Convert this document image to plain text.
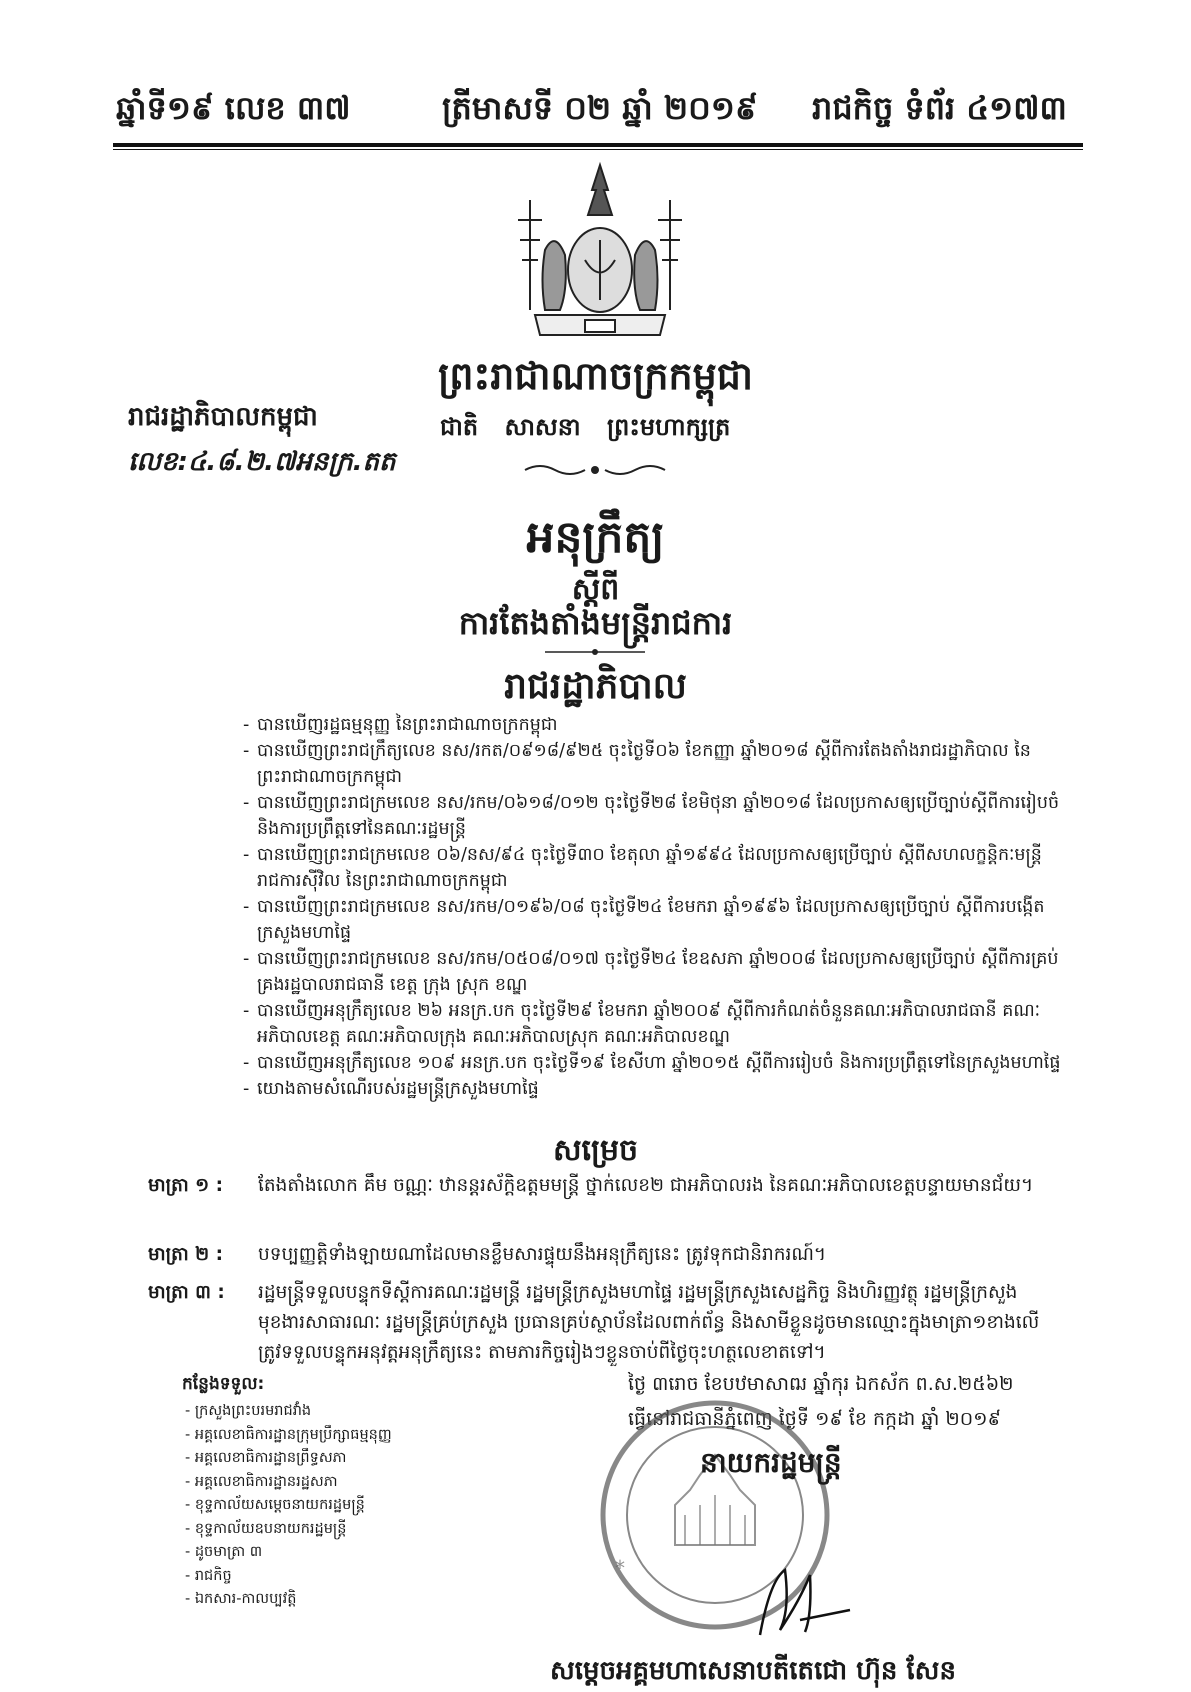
ឆ្នាំទី១៩ លេខ ៣៧	ត្រីមាសទី ០២ ឆ្នាំ ២០១៩ រាជកិច្ច ទំព័រ ៤១៧៣
ព្រះរាជាណាចក្រកម្ពុជា
រាជរដ្ឋាភិបាលកម្ពុជា	ជាតិ សាសនា ព្រះមហាក្សត្រ
លេខ:៤.៨.២.៧អនក្រ.តត
អនុក្រឹត្យ
ស្តីពី
ការតែងតាំងមន្ត្រីរាជការ
រាជរដ្ឋាភិបាល
- បានឃើញរដ្ឋធម្មនុញ្ញ នៃព្រះរាជាណាចក្រកម្ពុជា
- បានឃើញព្រះរាជក្រឹត្យលេខ នស/រកត/០៩១៨/៩២៥ ចុះថ្ងៃទី០៦ ខែកញ្ញា ឆ្នាំ២០១៨ ស្តីពីការតែងតាំងរាជរដ្ឋាភិបាល នៃព្រះរាជាណាចក្រកម្ពុជា
- បានឃើញព្រះរាជក្រមលេខ នស/រកម/០៦១៨/០១២ ចុះថ្ងៃទី២៨ ខែមិថុនា ឆ្នាំ២០១៨ ដែលប្រកាសឲ្យប្រើច្បាប់ស្តីពីការរៀបចំ និងការប្រព្រឹត្តទៅនៃគណៈរដ្ឋមន្ត្រី
- បានឃើញព្រះរាជក្រមលេខ ០៦/នស/៩៤ ចុះថ្ងៃទី៣០ ខែតុលា ឆ្នាំ១៩៩៤ ដែលប្រកាសឲ្យប្រើច្បាប់ ស្តីពីសហលក្ខន្តិកៈមន្ត្រីរាជការស៊ីវិល នៃព្រះរាជាណាចក្រកម្ពុជា
- បានឃើញព្រះរាជក្រមលេខ នស/រកម/០១៩៦/០៨ ចុះថ្ងៃទី២៤ ខែមករា ឆ្នាំ១៩៩៦ ដែលប្រកាសឲ្យប្រើច្បាប់ ស្តីពីការបង្កើតក្រសួងមហាផ្ទៃ
- បានឃើញព្រះរាជក្រមលេខ នស/រកម/០៥០៨/០១៧ ចុះថ្ងៃទី២៤ ខែឧសភា ឆ្នាំ២០០៨ ដែលប្រកាសឲ្យប្រើច្បាប់ ស្តីពីការគ្រប់គ្រងរដ្ឋបាលរាជធានី ខេត្ត ក្រុង ស្រុក ខណ្ឌ
- បានឃើញអនុក្រឹត្យលេខ ២៦ អនក្រ.បក ចុះថ្ងៃទី២៩ ខែមករា ឆ្នាំ២០០៩ ស្តីពីការកំណត់ចំនួនគណៈអភិបាលរាជធានី គណៈអភិបាលខេត្ត គណៈអភិបាលក្រុង គណៈអភិបាលស្រុក គណៈអភិបាលខណ្ឌ
- បានឃើញអនុក្រឹត្យលេខ ១០៩ អនក្រ.បក ចុះថ្ងៃទី១៩ ខែសីហា ឆ្នាំ២០១៥ ស្តីពីការរៀបចំ និងការប្រព្រឹត្តទៅនៃក្រសួងមហាផ្ទៃ
- យោងតាមសំណើរបស់រដ្ឋមន្ត្រីក្រសួងមហាផ្ទៃ
សម្រេច
មាត្រា ១ : តែងតាំងលោក គឹម ចណ្ណៈ ឋានន្តរស័ក្តិឧត្តមមន្ត្រី ថ្នាក់លេខ២ ជាអភិបាលរង នៃគណៈអភិបាលខេត្តបន្ទាយមានជ័យ។
មាត្រា ២ : បទប្បញ្ញត្តិទាំងឡាយណាដែលមានខ្លឹមសារផ្ទុយនឹងអនុក្រឹត្យនេះ ត្រូវទុកជានិរាករណ៍។
មាត្រា ៣ : រដ្ឋមន្ត្រីទទួលបន្ទុកទីស្តីការគណៈរដ្ឋមន្ត្រី រដ្ឋមន្ត្រីក្រសួងមហាផ្ទៃ រដ្ឋមន្ត្រីក្រសួងសេដ្ឋកិច្ច និងហិរញ្ញវត្ថុ រដ្ឋមន្ត្រីក្រសួងមុខងារសាធារណៈ រដ្ឋមន្ត្រីគ្រប់ក្រសួង ប្រធានគ្រប់ស្ថាប័នដែលពាក់ព័ន្ធ និងសាមីខ្លួនដូចមានឈ្មោះក្នុងមាត្រា១ខាងលើ ត្រូវទទួលបន្ទុកអនុវត្តអនុក្រឹត្យនេះ តាមភារកិច្ចរៀងៗខ្លួនចាប់ពីថ្ងៃចុះហត្ថលេខាតទៅ។
ថ្ងៃ ៣រោច ខែបឋមាសាឍ ឆ្នាំកុរ ឯកស័ក ព.ស.២៥៦២
ធ្វើនៅរាជធានីភ្នំពេញ ថ្ងៃទី ១៩ ខែ កក្កដា ឆ្នាំ ២០១៩
កន្លែងទទួល:
- ក្រសួងព្រះបរមរាជវាំង
- អគ្គលេខាធិការដ្ឋានក្រុមប្រឹក្សាធម្មនុញ្ញ
- អគ្គលេខាធិការដ្ឋានព្រឹទ្ធសភា
- អគ្គលេខាធិការដ្ឋានរដ្ឋសភា
- ខុទ្ទកាល័យសម្តេចនាយករដ្ឋមន្ត្រី
- ខុទ្ទកាល័យឧបនាយករដ្ឋមន្ត្រី
- ដូចមាត្រា ៣
- រាជកិច្ច
- ឯកសារ-កាលប្បវត្តិ
*
នាយករដ្ឋមន្ត្រី
សម្តេចអគ្គមហាសេនាបតីតេជោ ហ៊ុន សែន
